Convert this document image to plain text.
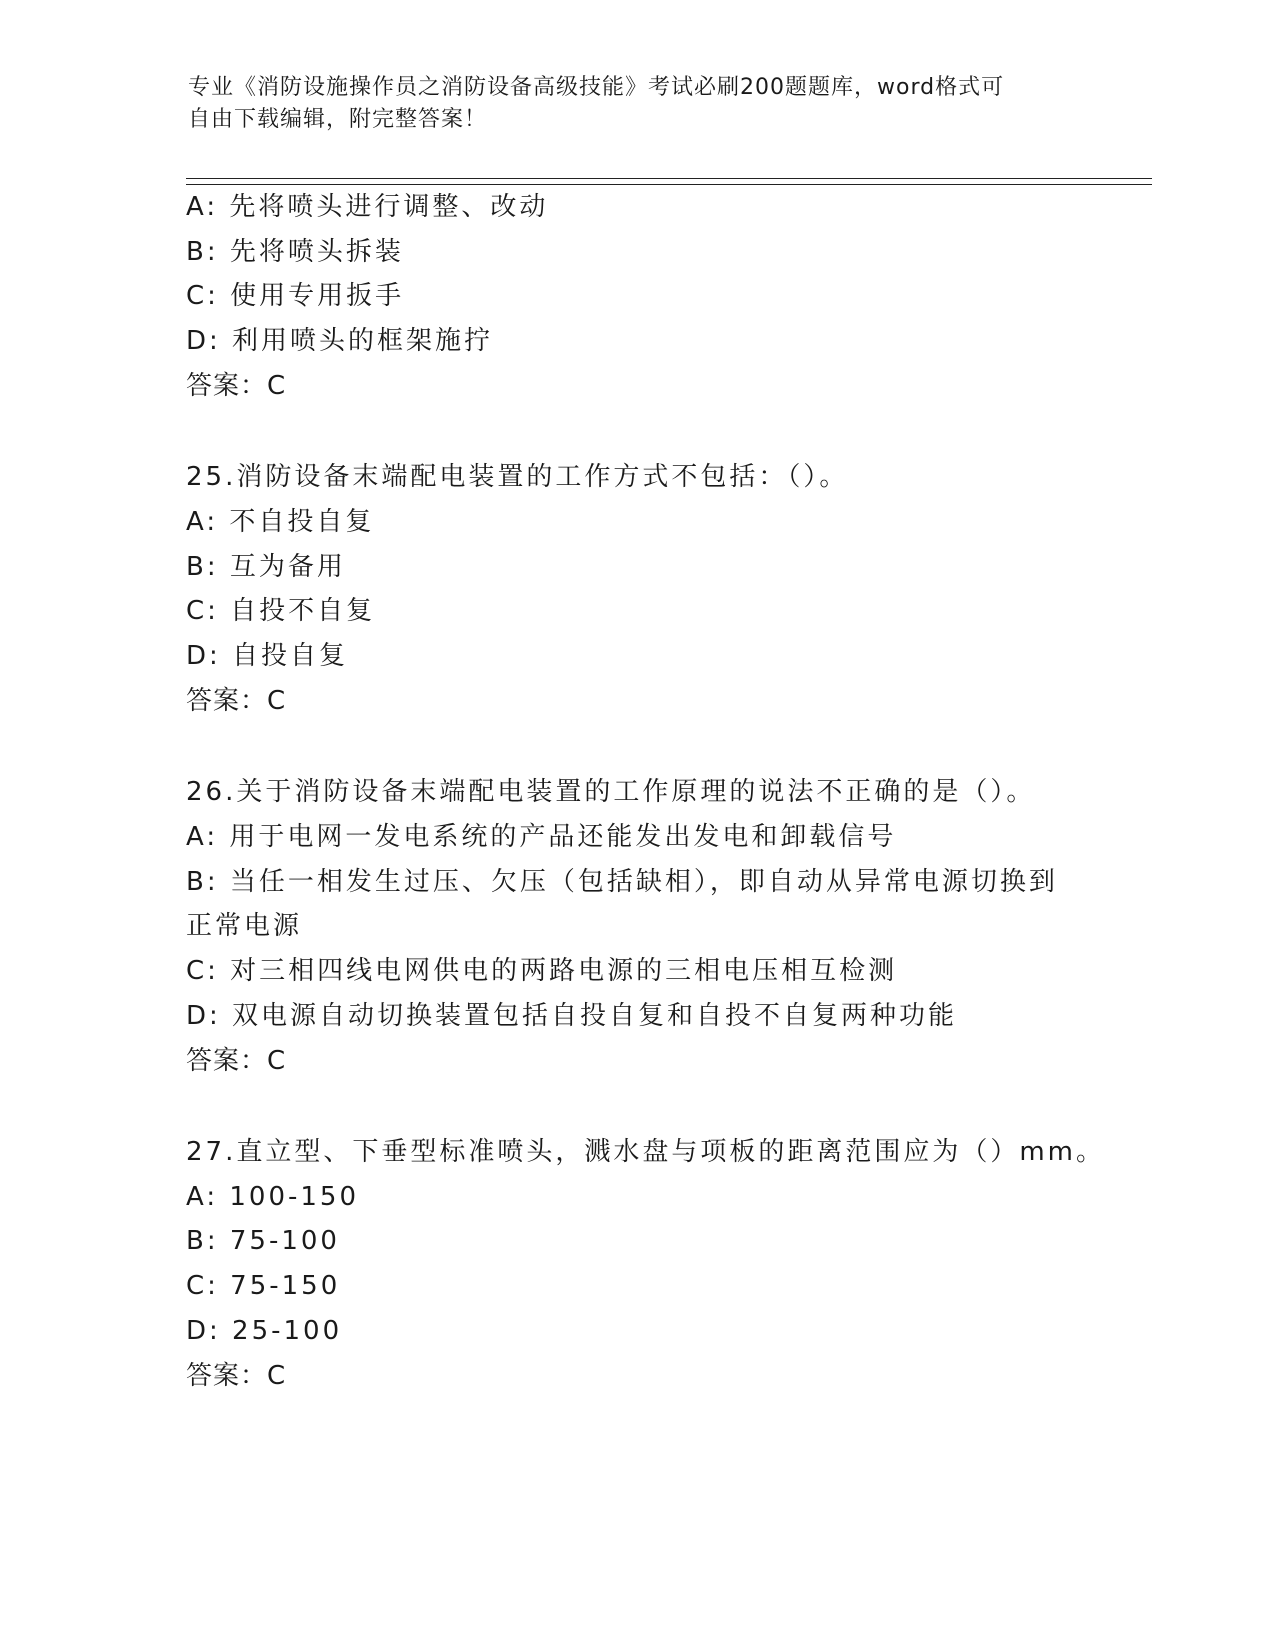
专业《消防设施操作员之消防设备高级技能》考试必刷200题题库，word格式可
自由下载编辑，附完整答案！
A: 先将喷头进行调整、改动
B: 先将喷头拆装
C: 使用专用扳手
D: 利用喷头的框架施拧
答案：C
25.消防设备末端配电装置的工作方式不包括：（）。
A: 不自投自复
B: 互为备用
C: 自投不自复
D: 自投自复
答案：C
26.关于消防设备末端配电装置的工作原理的说法不正确的是（）。
A: 用于电网一发电系统的产品还能发出发电和卸载信号
B: 当任一相发生过压、欠压（包括缺相），即自动从异常电源切换到
正常电源
C: 对三相四线电网供电的两路电源的三相电压相互检测
D: 双电源自动切换装置包括自投自复和自投不自复两种功能
答案：C
27.直立型、下垂型标准喷头，溅水盘与项板的距离范围应为（）mm。
A: 100-150
B: 75-100
C: 75-150
D: 25-100
答案：C
